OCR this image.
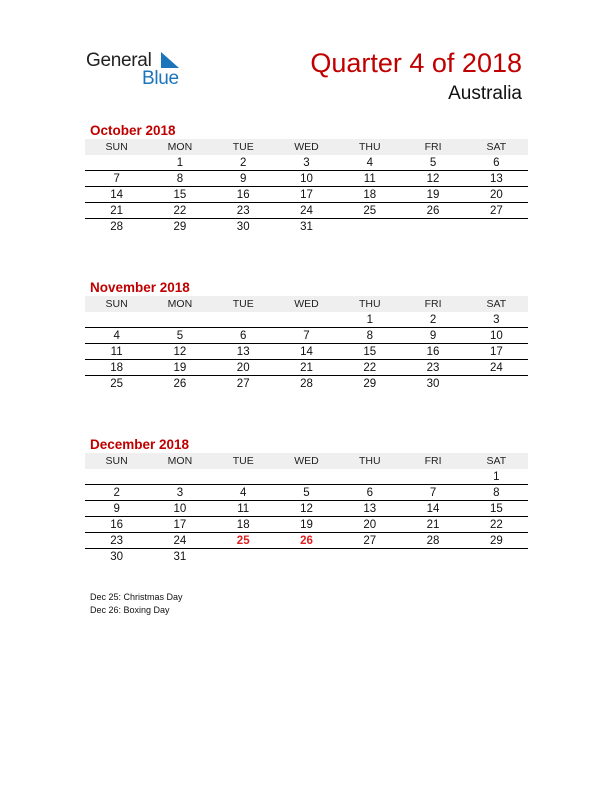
General
Blue
Quarter 4 of 2018
Australia
October 2018
SUN	MON	TUE	WED	THU	FRI	SAT
	1	2	3	4	5	6
7	8	9	10	11	12	13
14	15	16	17	18	19	20
21	22	23	24	25	26	27
28	29	30	31			
November 2018
SUN	MON	TUE	WED	THU	FRI	SAT
				1	2	3
4	5	6	7	8	9	10
11	12	13	14	15	16	17
18	19	20	21	22	23	24
25	26	27	28	29	30	
December 2018
SUN	MON	TUE	WED	THU	FRI	SAT
						1
2	3	4	5	6	7	8
9	10	11	12	13	14	15
16	17	18	19	20	21	22
23	24	25	26	27	28	29
30	31					
Dec 25: Christmas Day
Dec 26: Boxing Day
